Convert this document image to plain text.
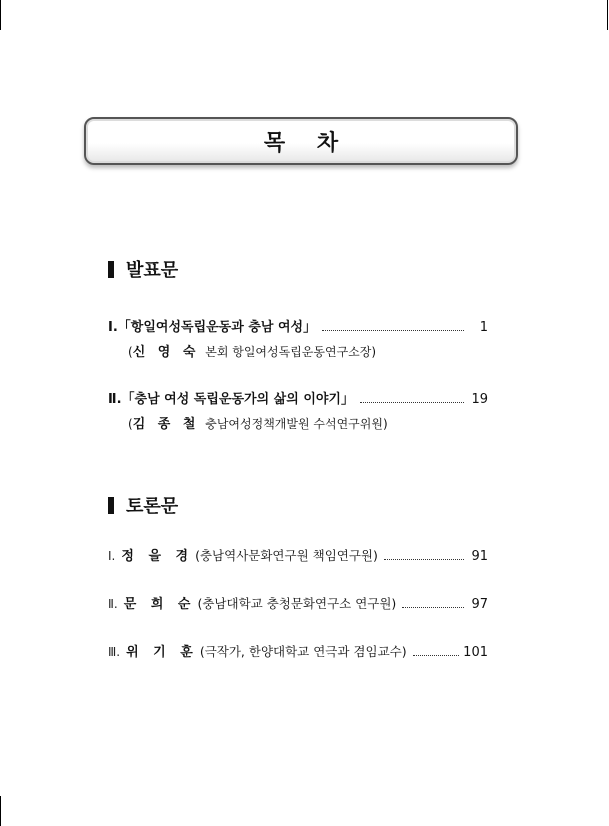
목 차
발표문
Ⅰ. 「항일여성독립운동과 충남 여성」	1
(신 영 숙 본회 항일여성독립운동연구소장)
Ⅱ. 「충남 여성 독립운동가의 삶의 이야기」	19
(김 종 철 충남여성정책개발원 수석연구위원)
토론문
Ⅰ. 정 을 경 (충남역사문화연구원 책임연구원)	91
Ⅱ. 문 희 순 (충남대학교 충청문화연구소 연구원)	97
Ⅲ. 위 기 훈 (극작가, 한양대학교 연극과 겸임교수)	101
